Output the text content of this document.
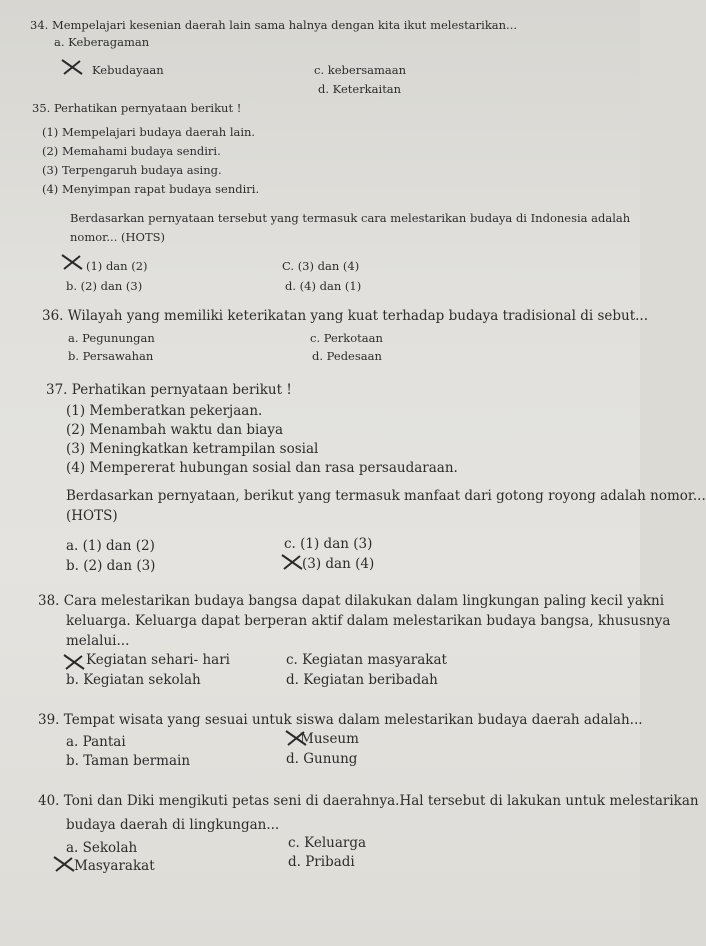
34. Mempelajari kesenian daerah lain sama halnya dengan kita ikut melestarikan...
a. Keberagaman
Kebudayaan	c. kebersamaan
d. Keterkaitan
35. Perhatikan pernyataan berikut !
(1) Mempelajari budaya daerah lain.
(2) Memahami budaya sendiri.
(3) Terpengaruh budaya asing.
(4) Menyimpan rapat budaya sendiri.
Berdasarkan pernyataan tersebut yang termasuk cara melestarikan budaya di Indonesia adalah
nomor... (HOTS)
(1) dan (2)	C. (3) dan (4)
b. (2) dan (3)	d. (4) dan (1)
36. Wilayah yang memiliki keterikatan yang kuat terhadap budaya tradisional di sebut...
a. Pegunungan	c. Perkotaan
b. Persawahan	d. Pedesaan
37. Perhatikan pernyataan berikut !
(1) Memberatkan pekerjaan.
(2) Menambah waktu dan biaya
(3) Meningkatkan ketrampilan sosial
(4) Mempererat hubungan sosial dan rasa persaudaraan.
Berdasarkan pernyataan, berikut yang termasuk manfaat dari gotong royong adalah nomor...
(HOTS)
a. (1) dan (2)	c. (1) dan (3)
b. (2) dan (3)	(3) dan (4)
38. Cara melestarikan budaya bangsa dapat dilakukan dalam lingkungan paling kecil yakni
keluarga. Keluarga dapat berperan aktif dalam melestarikan budaya bangsa, khususnya
melalui...
Kegiatan sehari- hari	c. Kegiatan masyarakat
b. Kegiatan sekolah	d. Kegiatan beribadah
39. Tempat wisata yang sesuai untuk siswa dalam melestarikan budaya daerah adalah...
a. Pantai	Museum
b. Taman bermain	d. Gunung
40. Toni dan Diki mengikuti petas seni di daerahnya.Hal tersebut di lakukan untuk melestarikan
budaya daerah di lingkungan...
a. Sekolah	c. Keluarga
Masyarakat	d. Pribadi
